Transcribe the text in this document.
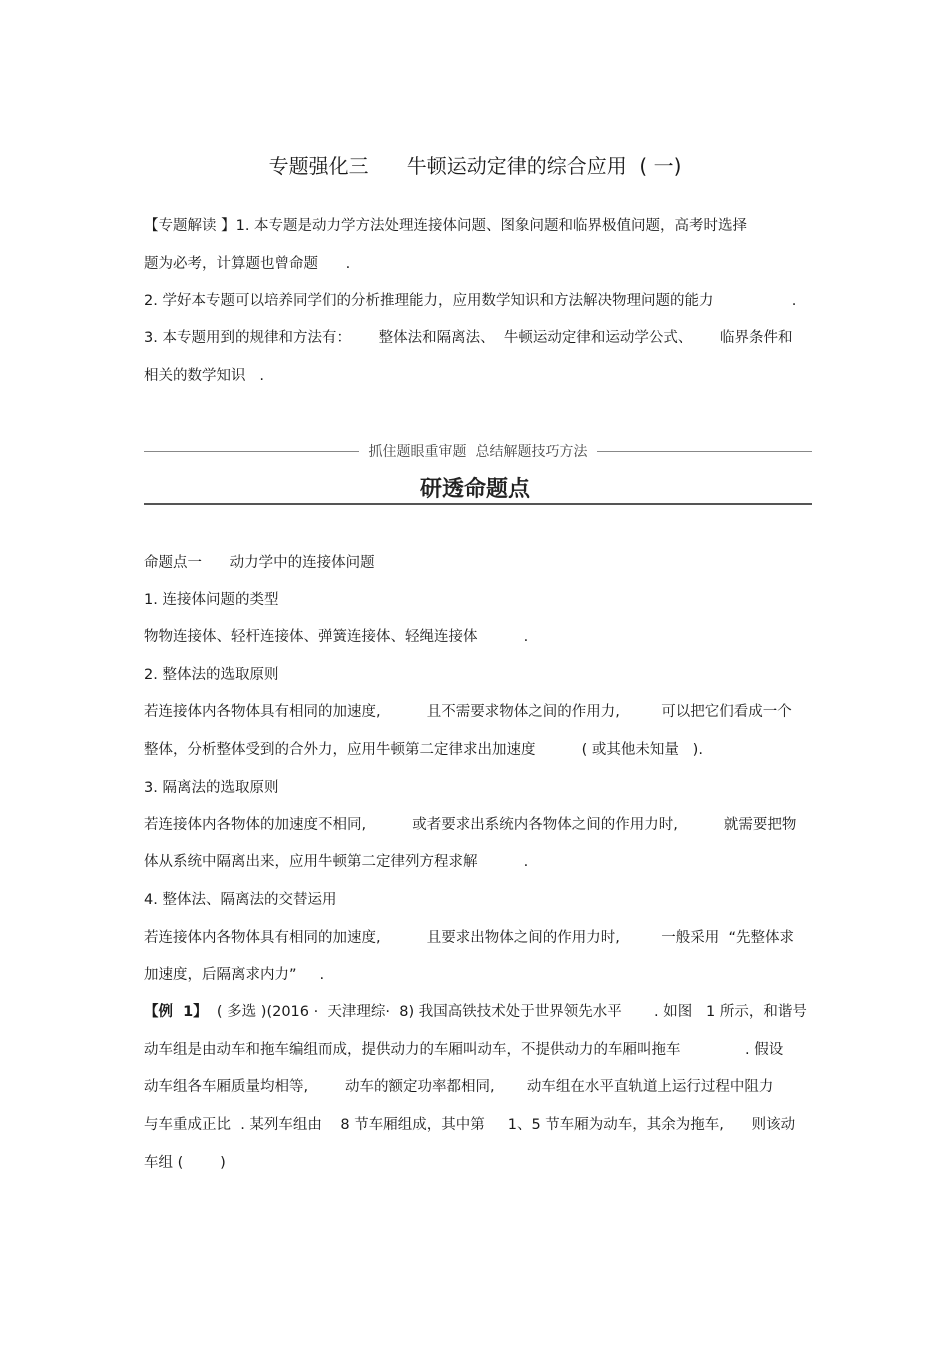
专题强化三      牛顿运动定律的综合应用  ( 一)
【专题解读 】1. 本专题是动力学方法处理连接体问题、图象问题和临界极值问题，高考时选择
题为必考，计算题也曾命题      .
2. 学好本专题可以培养同学们的分析推理能力，应用数学知识和方法解决物理问题的能力                 .
3. 本专题用到的规律和方法有：      整体法和隔离法、  牛顿运动定律和运动学公式、      临界条件和
相关的数学知识   .
抓住题眼重审题  总结解题技巧方法
研透命题点
命题点一      动力学中的连接体问题
1. 连接体问题的类型
物物连接体、轻杆连接体、弹簧连接体、轻绳连接体          .
2. 整体法的选取原则
若连接体内各物体具有相同的加速度,          且不需要求物体之间的作用力,         可以把它们看成一个
整体，分析整体受到的合外力，应用牛顿第二定律求出加速度          ( 或其他未知量   ).
3. 隔离法的选取原则
若连接体内各物体的加速度不相同,          或者要求出系统内各物体之间的作用力时,          就需要把物
体从系统中隔离出来，应用牛顿第二定律列方程求解          .
4. 整体法、隔离法的交替运用
若连接体内各物体具有相同的加速度,          且要求出物体之间的作用力时,         一般采用  “先整体求
加速度，后隔离求内力”     .
【例  1】  ( 多选 )(2016 ·  天津理综·  8) 我国高铁技术处于世界领先水平       . 如图   1 所示，和谐号
动车组是由动车和拖车编组而成，提供动力的车厢叫动车，不提供动力的车厢叫拖车              . 假设
动车组各车厢质量均相等,        动车的额定功率都相同,       动车组在水平直轨道上运行过程中阻力
与车重成正比  . 某列车组由    8 节车厢组成，其中第     1、5 节车厢为动车，其余为拖车,      则该动
车组 (        )
